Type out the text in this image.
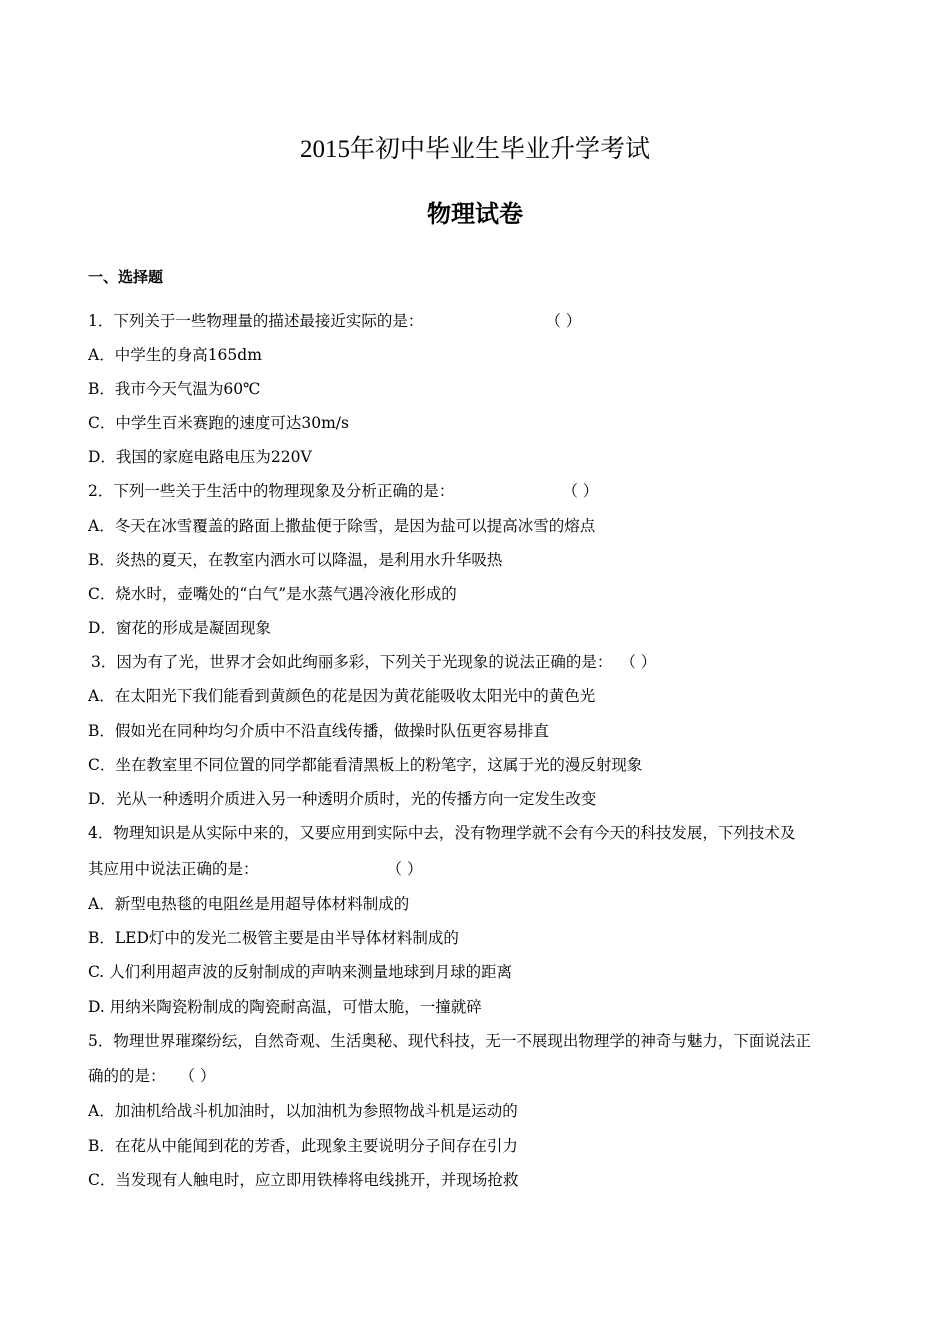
2015年初中毕业生毕业升学考试
物理试卷
一、选择题
1．下列关于一些物理量的描述最接近实际的是：	（ ）
A．中学生的身高165dm
B．我市今天气温为60℃
C．中学生百米赛跑的速度可达30m/s
D．我国的家庭电路电压为220V
2．下列一些关于生活中的物理现象及分析正确的是：	（ ）
A．冬天在冰雪覆盖的路面上撒盐便于除雪，是因为盐可以提高冰雪的熔点
B．炎热的夏天，在教室内洒水可以降温，是利用水升华吸热
C．烧水时，壶嘴处的“白气”是水蒸气遇冷液化形成的
D．窗花的形成是凝固现象
3．因为有了光，世界才会如此绚丽多彩，下列关于光现象的说法正确的是： （ ）
A．在太阳光下我们能看到黄颜色的花是因为黄花能吸收太阳光中的黄色光
B．假如光在同种均匀介质中不沿直线传播，做操时队伍更容易排直
C．坐在教室里不同位置的同学都能看清黑板上的粉笔字，这属于光的漫反射现象
D．光从一种透明介质进入另一种透明介质时，光的传播方向一定发生改变
4．物理知识是从实际中来的，又要应用到实际中去，没有物理学就不会有今天的科技发展，下列技术及
其应用中说法正确的是：	（ ）
A．新型电热毯的电阻丝是用超导体材料制成的
B．LED灯中的发光二极管主要是由半导体材料制成的
C. 人们利用超声波的反射制成的声呐来测量地球到月球的距离
D. 用纳米陶瓷粉制成的陶瓷耐高温，可惜太脆，一撞就碎
5．物理世界璀璨纷纭，自然奇观、生活奥秘、现代科技，无一不展现出物理学的神奇与魅力，下面说法正
确的的是： （ ）
A．加油机给战斗机加油时，以加油机为参照物战斗机是运动的
B．在花从中能闻到花的芳香，此现象主要说明分子间存在引力
C．当发现有人触电时，应立即用铁棒将电线挑开，并现场抢救
